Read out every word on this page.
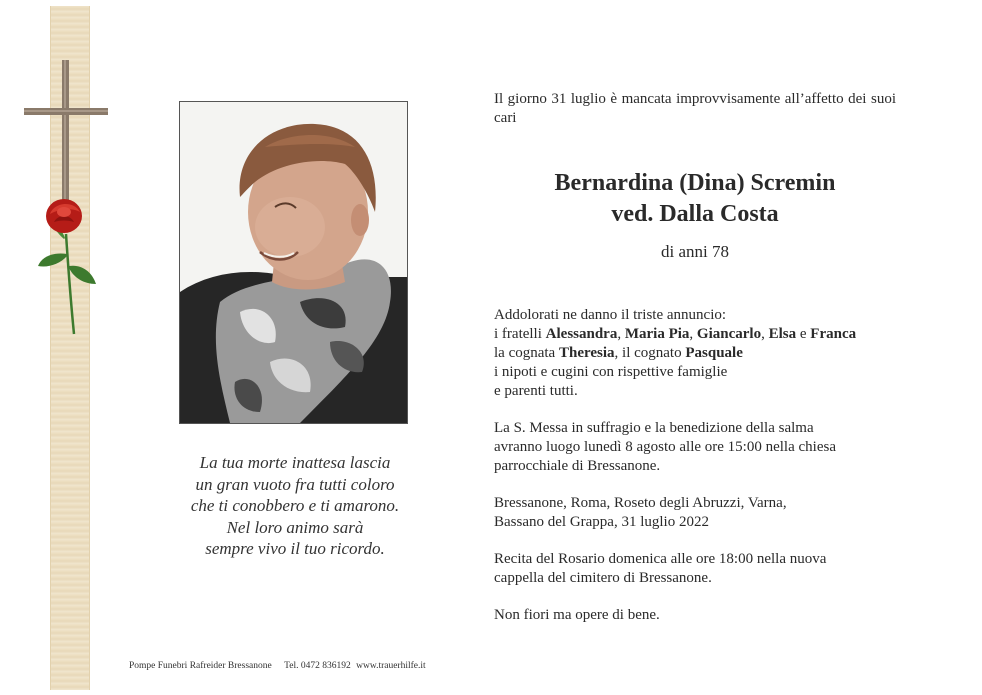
La tua morte inattesa lascia
un gran vuoto fra tutti coloro
che ti conobbero e ti amarono.
Nel loro animo sarà
sempre vivo il tuo ricordo.
Pompe Funebri Rafreider Bressanone Tel. 0472 836192 www.trauerhilfe.it
Il giorno 31 luglio è mancata improvvisamente all’affetto dei suoi cari
Bernardina (Dina) Scremin
ved. Dalla Costa
di anni 78

Addolorati ne danno il triste annuncio:
i fratelli Alessandra, Maria Pia, Giancarlo, Elsa e Franca
la cognata Theresia, il cognato Pasquale
i nipoti e cugini con rispettive famiglie
e parenti tutti.

La S. Messa in suffragio e la benedizione della salma
avranno luogo lunedì 8 agosto alle ore 15:00 nella chiesa
parrocchiale di Bressanone.

Bressanone, Roma, Roseto degli Abruzzi, Varna,
Bassano del Grappa, 31 luglio 2022

Recita del Rosario domenica alle ore 18:00 nella nuova
cappella del cimitero di Bressanone.

Non fiori ma opere di bene.
